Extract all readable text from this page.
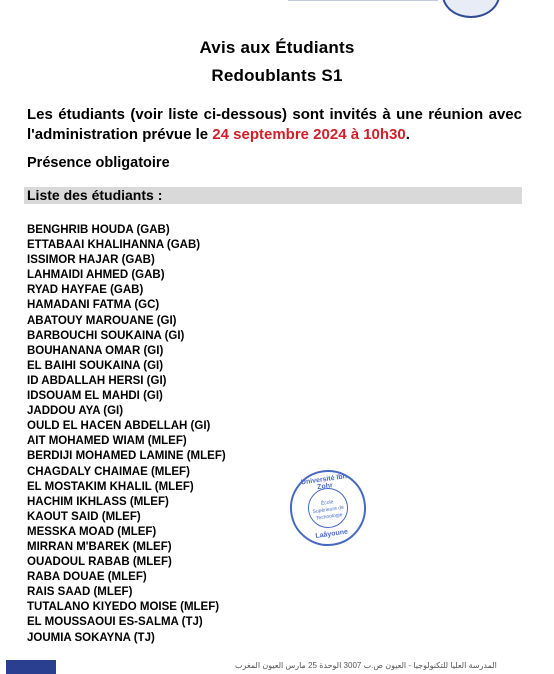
Avis aux Étudiants
Redoublants S1
Les étudiants (voir liste ci-dessous) sont invités à une réunion avec l'administration prévue le 24 septembre 2024 à 10h30.
Présence obligatoire
Liste des étudiants :
BENGHRIB HOUDA (GAB)
ETTABAAI KHALIHANNA (GAB)
ISSIMOR HAJAR (GAB)
LAHMAIDI AHMED (GAB)
RYAD HAYFAE (GAB)
HAMADANI FATMA (GC)
ABATOUY MAROUANE (GI)
BARBOUCHI SOUKAINA (GI)
BOUHANANA OMAR (GI)
EL BAIHI SOUKAINA (GI)
ID ABDALLAH HERSI (GI)
IDSOUAM EL MAHDI (GI)
JADDOU AYA (GI)
OULD EL HACEN ABDELLAH (GI)
AIT MOHAMED WIAM (MLEF)
BERDIJI MOHAMED LAMINE (MLEF)
CHAGDALY CHAIMAE (MLEF)
EL MOSTAKIM KHALIL (MLEF)
HACHIM IKHLASS (MLEF)
KAOUT SAID (MLEF)
MESSKA MOAD (MLEF)
MIRRAN M'BAREK (MLEF)
OUADOUL RABAB (MLEF)
RABA DOUAE (MLEF)
RAIS SAAD (MLEF)
TUTALANO KIYEDO MOISE (MLEF)
EL MOUSSAOUI ES-SALMA (TJ)
JOUMIA SOKAYNA (TJ)
Université Ibn Zohr
École Supérieure de Technologie
Laâyoune
المدرسة العليا للتكنولوجيا - العيون ص.ب 3007 الوحدة 25 مارس العيون المغرب
